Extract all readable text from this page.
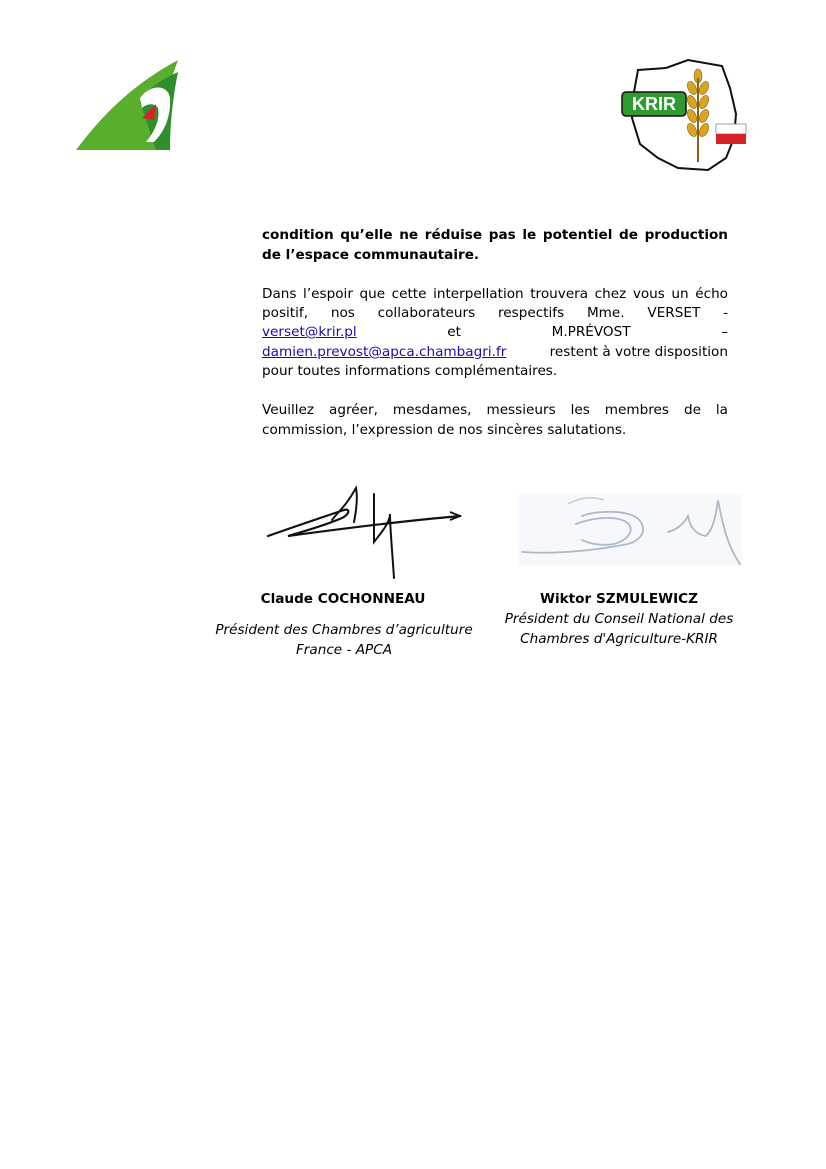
KRIR
condition qu’elle ne réduise pas le potentiel de production
de l’espace communautaire.
Dans l’espoir que cette interpellation trouvera chez vous un écho
positif, nos collaborateurs respectifs Mme. VERSET -
verset@krir.pl	et	M.PRÉVOST	–
damien.prevost@apca.chambagri.fr	restent à votre disposition
pour toutes informations complémentaires.
Veuillez agréer, mesdames, messieurs les membres de la
commission, l’expression de nos sincères salutations.
Claude COCHONNEAU
Président des Chambres d’agriculture
France - APCA
Wiktor SZMULEWICZ
Président du Conseil National des
Chambres d'Agriculture-KRIR
